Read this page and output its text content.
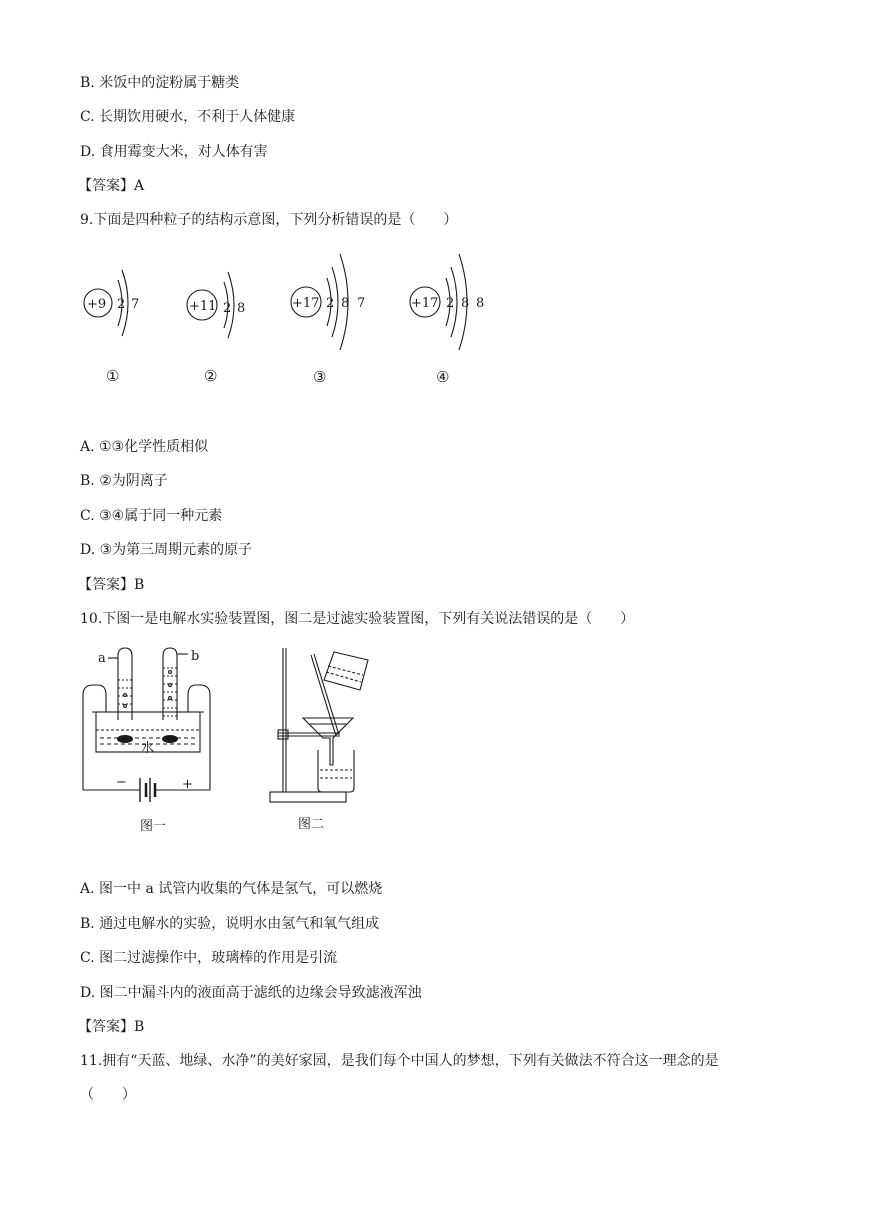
B. 米饭中的淀粉属于糖类
C. 长期饮用硬水，不利于人体健康
D. 食用霉变大米，对人体有害
【答案】A
9.下面是四种粒子的结构示意图，下列分析错误的是（　　）
+9 2 7	+11 2 8	+17 2 8 7	+17 2 8 8
①	②	③	④
A. ①③化学性质相似
B. ②为阴离子
C. ③④属于同一种元素
D. ③为第三周期元素的原子
【答案】B
10.下图一是电解水实验装置图，图二是过滤实验装置图，下列有关说法错误的是（　　）
a	b
水
−	+
图一	图二
A. 图一中 a 试管内收集的气体是氢气，可以燃烧
B. 通过电解水的实验，说明水由氢气和氧气组成
C. 图二过滤操作中，玻璃棒的作用是引流
D. 图二中漏斗内的液面高于滤纸的边缘会导致滤液浑浊
【答案】B
11.拥有“天蓝、地绿、水净”的美好家园，是我们每个中国人的梦想，下列有关做法不符合这一理念的是
（　　）
